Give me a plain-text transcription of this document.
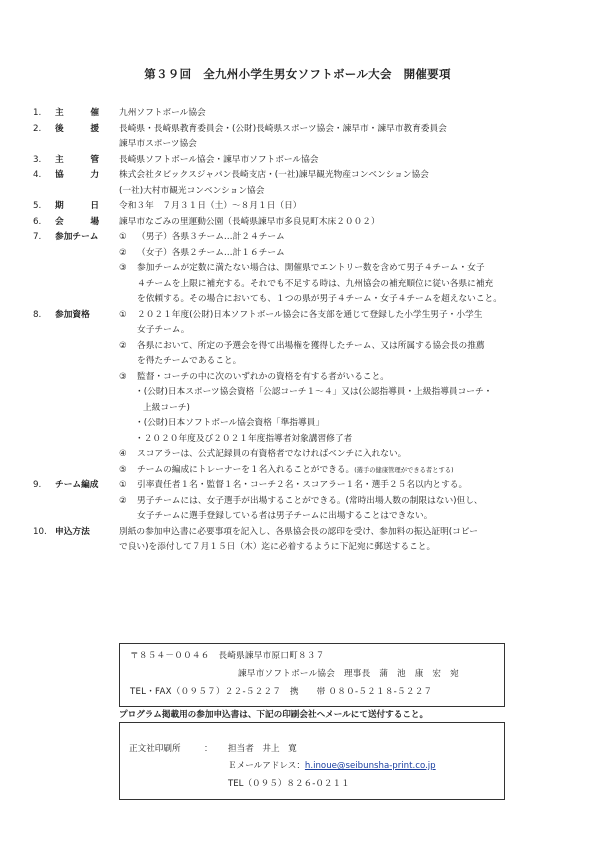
第３９回　全九州小学生男女ソフトボール大会　開催要項
1.	主	催 九州ソフトボール協会
2.	後	援 長崎県・長崎県教育委員会・(公財)長崎県スポーツ協会・諫早市・諫早市教育委員会
諫早市スポーツ協会
3.	主	管 長崎県ソフトボール協会・諫早市ソフトボール協会
4.	協	力 株式会社タビックスジャパン長崎支店・(一社)諫早観光物産コンベンション協会
(一社)大村市観光コンベンション協会
5.	期	日 令和３年　７月３１日（土）～８月１日（日）
6.	会	場 諫早市なごみの里運動公園（長崎県諫早市多良見町木床２００２）
7.	参加チーム	①	（男子）各県３チーム…計２４チーム
②	（女子）各県２チーム…計１６チーム
③	参加チームが定数に満たない場合は、開催県でエントリー数を含めて男子４チーム・女子
４チームを上限に補充する。それでも不足する時は、九州協会の補充順位に従い各県に補充
を依頼する。その場合においても、１つの県が男子４チーム・女子４チームを超えないこと。
8.	参加資格	①	２０２１年度(公財)日本ソフトボール協会に各支部を通じて登録した小学生男子・小学生
女子チーム。
②	各県において、所定の予選会を得て出場権を獲得したチーム、又は所属する協会長の推薦
を得たチームであること。
③	監督・コーチの中に次のいずれかの資格を有する者がいること。
・(公財)日本スポーツ協会資格「公認コーチ１～４」又は(公認指導員・上級指導員コーチ・
上級コーチ)
・(公財)日本ソフトボール協会資格「準指導員」
・２０２０年度及び２０２１年度指導者対象講習修了者
④	スコアラーは、公式記録員の有資格者でなければベンチに入れない。
⑤	チームの編成にトレーナーを１名入れることができる。(選手の健康管理ができる者とする)
9.	チーム編成	①	引率責任者１名・監督１名・コーチ２名・スコアラー１名・選手２５名以内とする。
②	男子チームには、女子選手が出場することができる。(常時出場人数の制限はない)但し、
女子チームに選手登録している者は男子チームに出場することはできない。
10. 申込方法	別紙の参加申込書に必要事項を記入し、各県協会長の認印を受け、参加料の振込証明(コピー
で良い)を添付して７月１５日（木）迄に必着するように下記宛に郵送すること。
〒８５４－００４６　長崎県諫早市原口町８３７
諫早市ソフトボール協会　理事長　蒲　池　康　宏　宛
TEL・FAX（０９５７）２２-５２２７　携　　帯 ０８０-５２１８-５２２７
プログラム掲載用の参加申込書は、下記の印刷会社へメールにて送付すること。
正文社印刷所	： 担当者　井上　寛
Ｅメールアドレス：h.inoue@seibunsha-print.co.jp
TEL（０９５）８２６-０２１１
